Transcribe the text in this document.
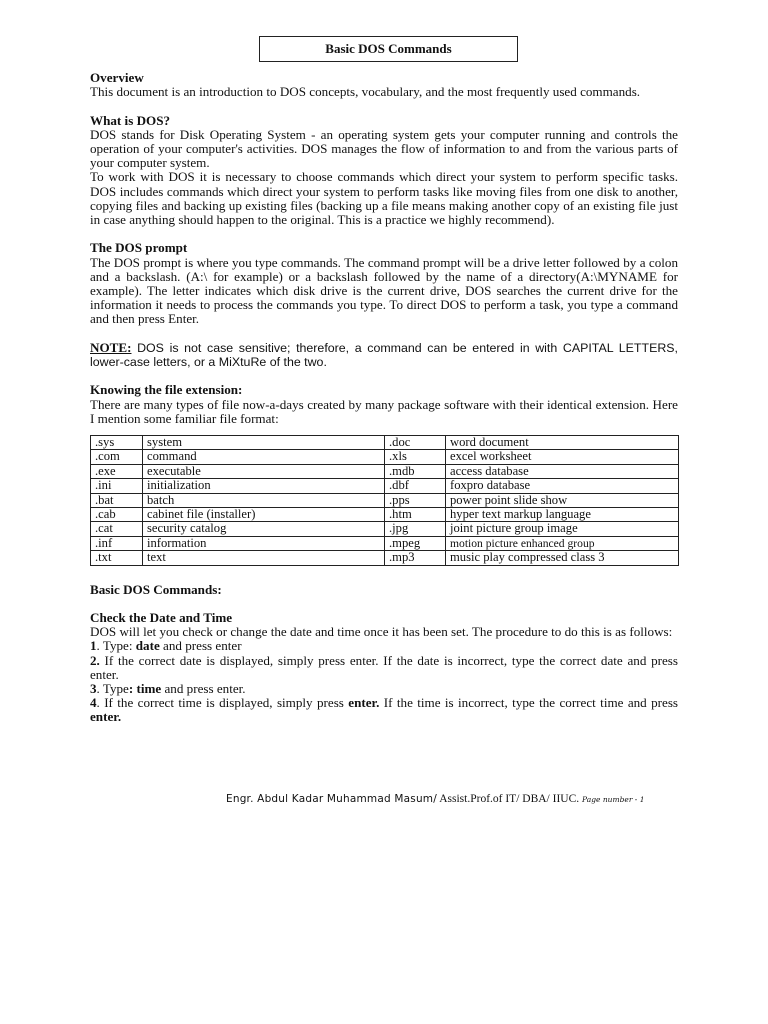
Basic DOS Commands
Overview

This document is an introduction to DOS concepts, vocabulary, and the most frequently used commands.

What is DOS?

DOS stands for Disk Operating System - an operating system gets your computer running and controls the operation of your computer's activities. DOS manages the flow of information to and from the various parts of your computer system.

To work with DOS it is necessary to choose commands which direct your system to perform specific tasks. DOS includes commands which direct your system to perform tasks like moving files from one disk to another, copying files and backing up existing files (backing up a file means making another copy of an existing file just in case anything should happen to the original. This is a practice we highly recommend).

The DOS prompt

The DOS prompt is where you type commands. The command prompt will be a drive letter followed by a colon and a backslash. (A:\ for example) or a backslash followed by the name of a directory(A:\MYNAME for example). The letter indicates which disk drive is the current drive, DOS searches the current drive for the information it needs to process the commands you type. To direct DOS to perform a task, you type a command and then press Enter.

NOTE: DOS is not case sensitive; therefore, a command can be entered in with CAPITAL LETTERS, lower-case letters, or a MiXtuRe of the two.

Knowing the file extension:

There are many types of file now-a-days created by many package software with their identical extension. Here I mention some familiar file format:

.sys	system	.doc	word document
.com	command	.xls	excel worksheet
.exe	executable	.mdb	access database
.ini	initialization	.dbf	foxpro database
.bat	batch	.pps	power point slide show
.cab	cabinet file (installer)	.htm	hyper text markup language
.cat	security catalog	.jpg	joint picture group image
.inf	information	.mpeg	motion picture enhanced group
.txt	text	.mp3	music play compressed class 3
Basic DOS Commands:
Check the Date and Time

DOS will let you check or change the date and time once it has been set. The procedure to do this is as follows:

1. Type: date and press enter

2. If the correct date is displayed, simply press enter. If the date is incorrect, type the correct date and press enter.

3. Type: time and press enter.

4. If the correct time is displayed, simply press enter. If the time is incorrect, type the correct time and press enter.

Engr. Abdul Kadar Muhammad Masum/ Assist.Prof.of IT/ DBA/ IIUC. Page number - 1
